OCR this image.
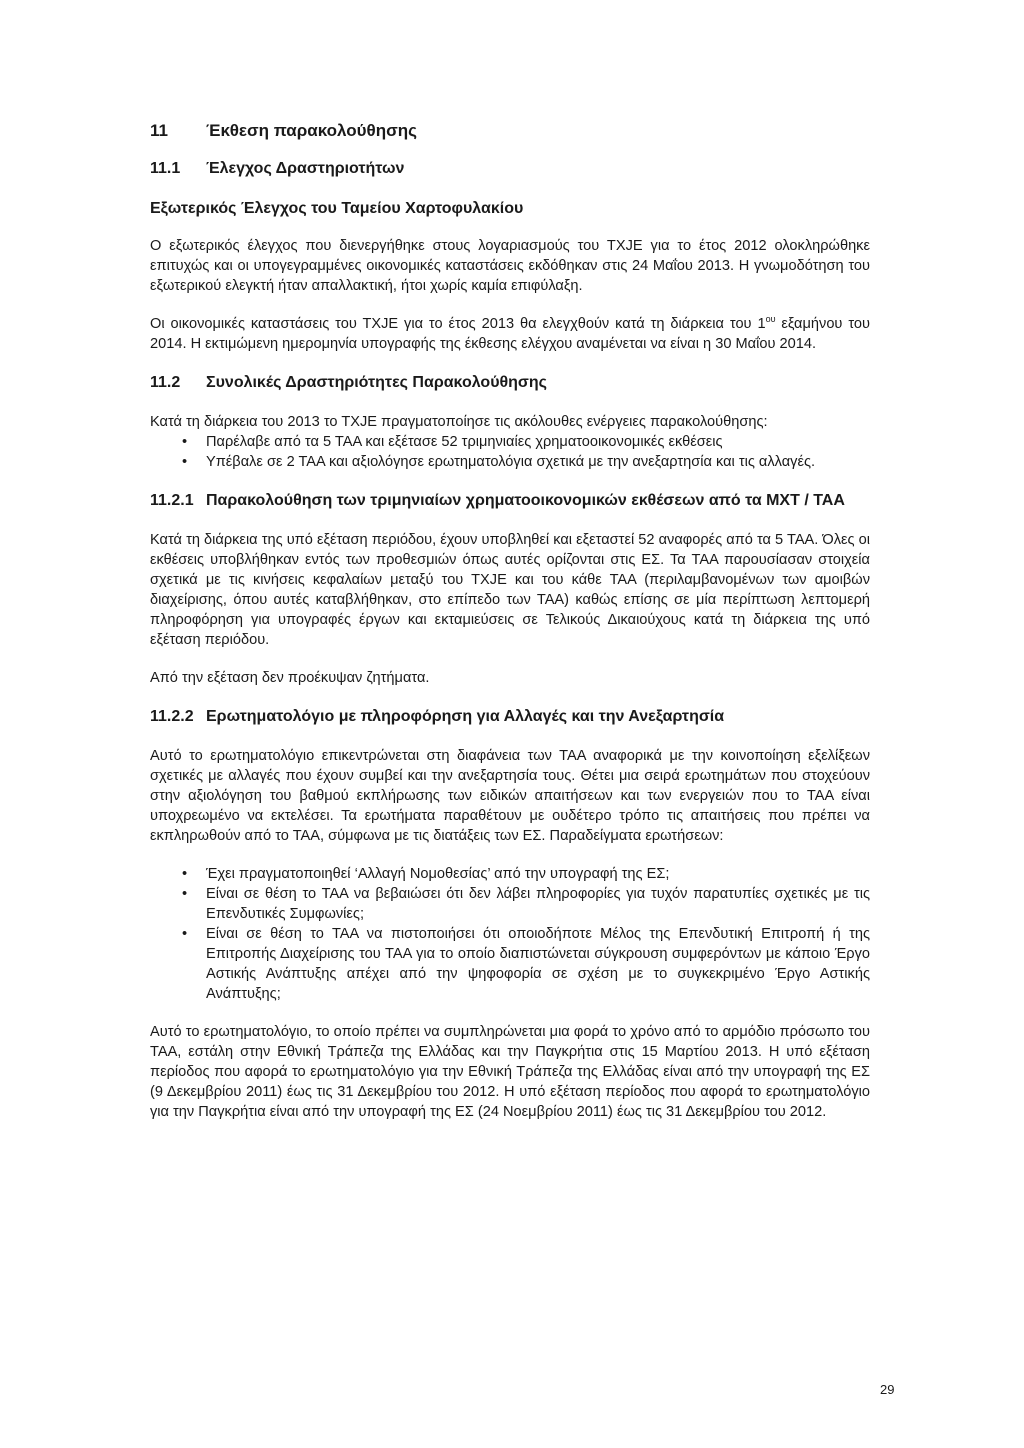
11	Έκθεση παρακολούθησης
11.1	Έλεγχος Δραστηριοτήτων
Εξωτερικός Έλεγχος του Ταμείου Χαρτοφυλακίου

Ο εξωτερικός έλεγχος που διενεργήθηκε στους λογαριασμούς του ΤΧJE για το έτος 2012 ολοκληρώθηκε επιτυχώς και οι υπογεγραμμένες οικονομικές καταστάσεις εκδόθηκαν στις 24 Μαΐου 2013. Η γνωμοδότηση του εξωτερικού ελεγκτή ήταν απαλλακτική, ήτοι χωρίς καμία επιφύλαξη.

Οι οικονομικές καταστάσεις του ΤΧJE για το έτος 2013 θα ελεγχθούν κατά τη διάρκεια του $1^{o\upsilon}$ εξαμήνου του 2014. Η εκτιμώμενη ημερομηνία υπογραφής της έκθεσης ελέγχου αναμένεται να είναι η 30 Μαΐου 2014.

11.2	Συνολικές Δραστηριότητες Παρακολούθησης

Κατά τη διάρκεια του 2013 το ΤΧJE πραγματοποίησε τις ακόλουθες ενέργειες παρακολούθησης:

• Παρέλαβε από τα 5 ΤΑΑ και εξέτασε 52 τριμηνιαίες χρηματοοικονομικές εκθέσεις
• Υπέβαλε σε 2 ΤΑΑ και αξιολόγησε ερωτηματολόγια σχετικά με την ανεξαρτησία και τις αλλαγές.
11.2.1 Παρακολούθηση των τριμηνιαίων χρηματοοικονομικών εκθέσεων από τα ΜΧΤ / ΤΑΑ

Κατά τη διάρκεια της υπό εξέταση περιόδου, έχουν υποβληθεί και εξεταστεί 52 αναφορές από τα 5 ΤΑΑ. Όλες οι εκθέσεις υποβλήθηκαν εντός των προθεσμιών όπως αυτές ορίζονται στις ΕΣ. Τα ΤΑΑ παρουσίασαν στοιχεία σχετικά με τις κινήσεις κεφαλαίων μεταξύ του ΤΧJE και του κάθε ΤΑΑ (περιλαμβανομένων των αμοιβών διαχείρισης, όπου αυτές καταβλήθηκαν, στο επίπεδο των ΤΑΑ) καθώς επίσης σε μία περίπτωση λεπτομερή πληροφόρηση για υπογραφές έργων και εκταμιεύσεις σε Τελικούς Δικαιούχους κατά τη διάρκεια της υπό εξέταση περιόδου.

Από την εξέταση δεν προέκυψαν ζητήματα.

11.2.2 Ερωτηματολόγιο με πληροφόρηση για Αλλαγές και την Ανεξαρτησία

Αυτό το ερωτηματολόγιο επικεντρώνεται στη διαφάνεια των ΤΑΑ αναφορικά με την κοινοποίηση εξελίξεων σχετικές με αλλαγές που έχουν συμβεί και την ανεξαρτησία τους. Θέτει μια σειρά ερωτημάτων που στοχεύουν στην αξιολόγηση του βαθμού εκπλήρωσης των ειδικών απαιτήσεων και των ενεργειών που το ΤΑΑ είναι υποχρεωμένο να εκτελέσει. Τα ερωτήματα παραθέτουν με ουδέτερο τρόπο τις απαιτήσεις που πρέπει να εκπληρωθούν από το ΤΑΑ, σύμφωνα με τις διατάξεις των ΕΣ. Παραδείγματα ερωτήσεων:

• Έχει πραγματοποιηθεί ‘Αλλαγή Νομοθεσίας’ από την υπογραφή της ΕΣ;
• Είναι σε θέση το ΤΑΑ να βεβαιώσει ότι δεν λάβει πληροφορίες για τυχόν παρατυπίες σχετικές με τις Επενδυτικές Συμφωνίες;
• Είναι σε θέση το ΤΑΑ να πιστοποιήσει ότι οποιοδήποτε Μέλος της Επενδυτική Επιτροπή ή της Επιτροπής Διαχείρισης του ΤΑΑ για το οποίο διαπιστώνεται σύγκρουση συμφερόντων με κάποιο Έργο Αστικής Ανάπτυξης απέχει από την ψηφοφορία σε σχέση με το συγκεκριμένο Έργο Αστικής Ανάπτυξης;

Αυτό το ερωτηματολόγιο, το οποίο πρέπει να συμπληρώνεται μια φορά το χρόνο από το αρμόδιο πρόσωπο του ΤΑΑ, εστάλη στην Εθνική Τράπεζα της Ελλάδας και την Παγκρήτια στις 15 Μαρτίου 2013. Η υπό εξέταση περίοδος που αφορά το ερωτηματολόγιο για την Εθνική Τράπεζα της Ελλάδας είναι από την υπογραφή της ΕΣ (9 Δεκεμβρίου 2011) έως τις 31 Δεκεμβρίου του 2012. Η υπό εξέταση περίοδος που αφορά το ερωτηματολόγιο για την Παγκρήτια είναι από την υπογραφή της ΕΣ (24 Νοεμβρίου 2011) έως τις 31 Δεκεμβρίου του 2012.

29
